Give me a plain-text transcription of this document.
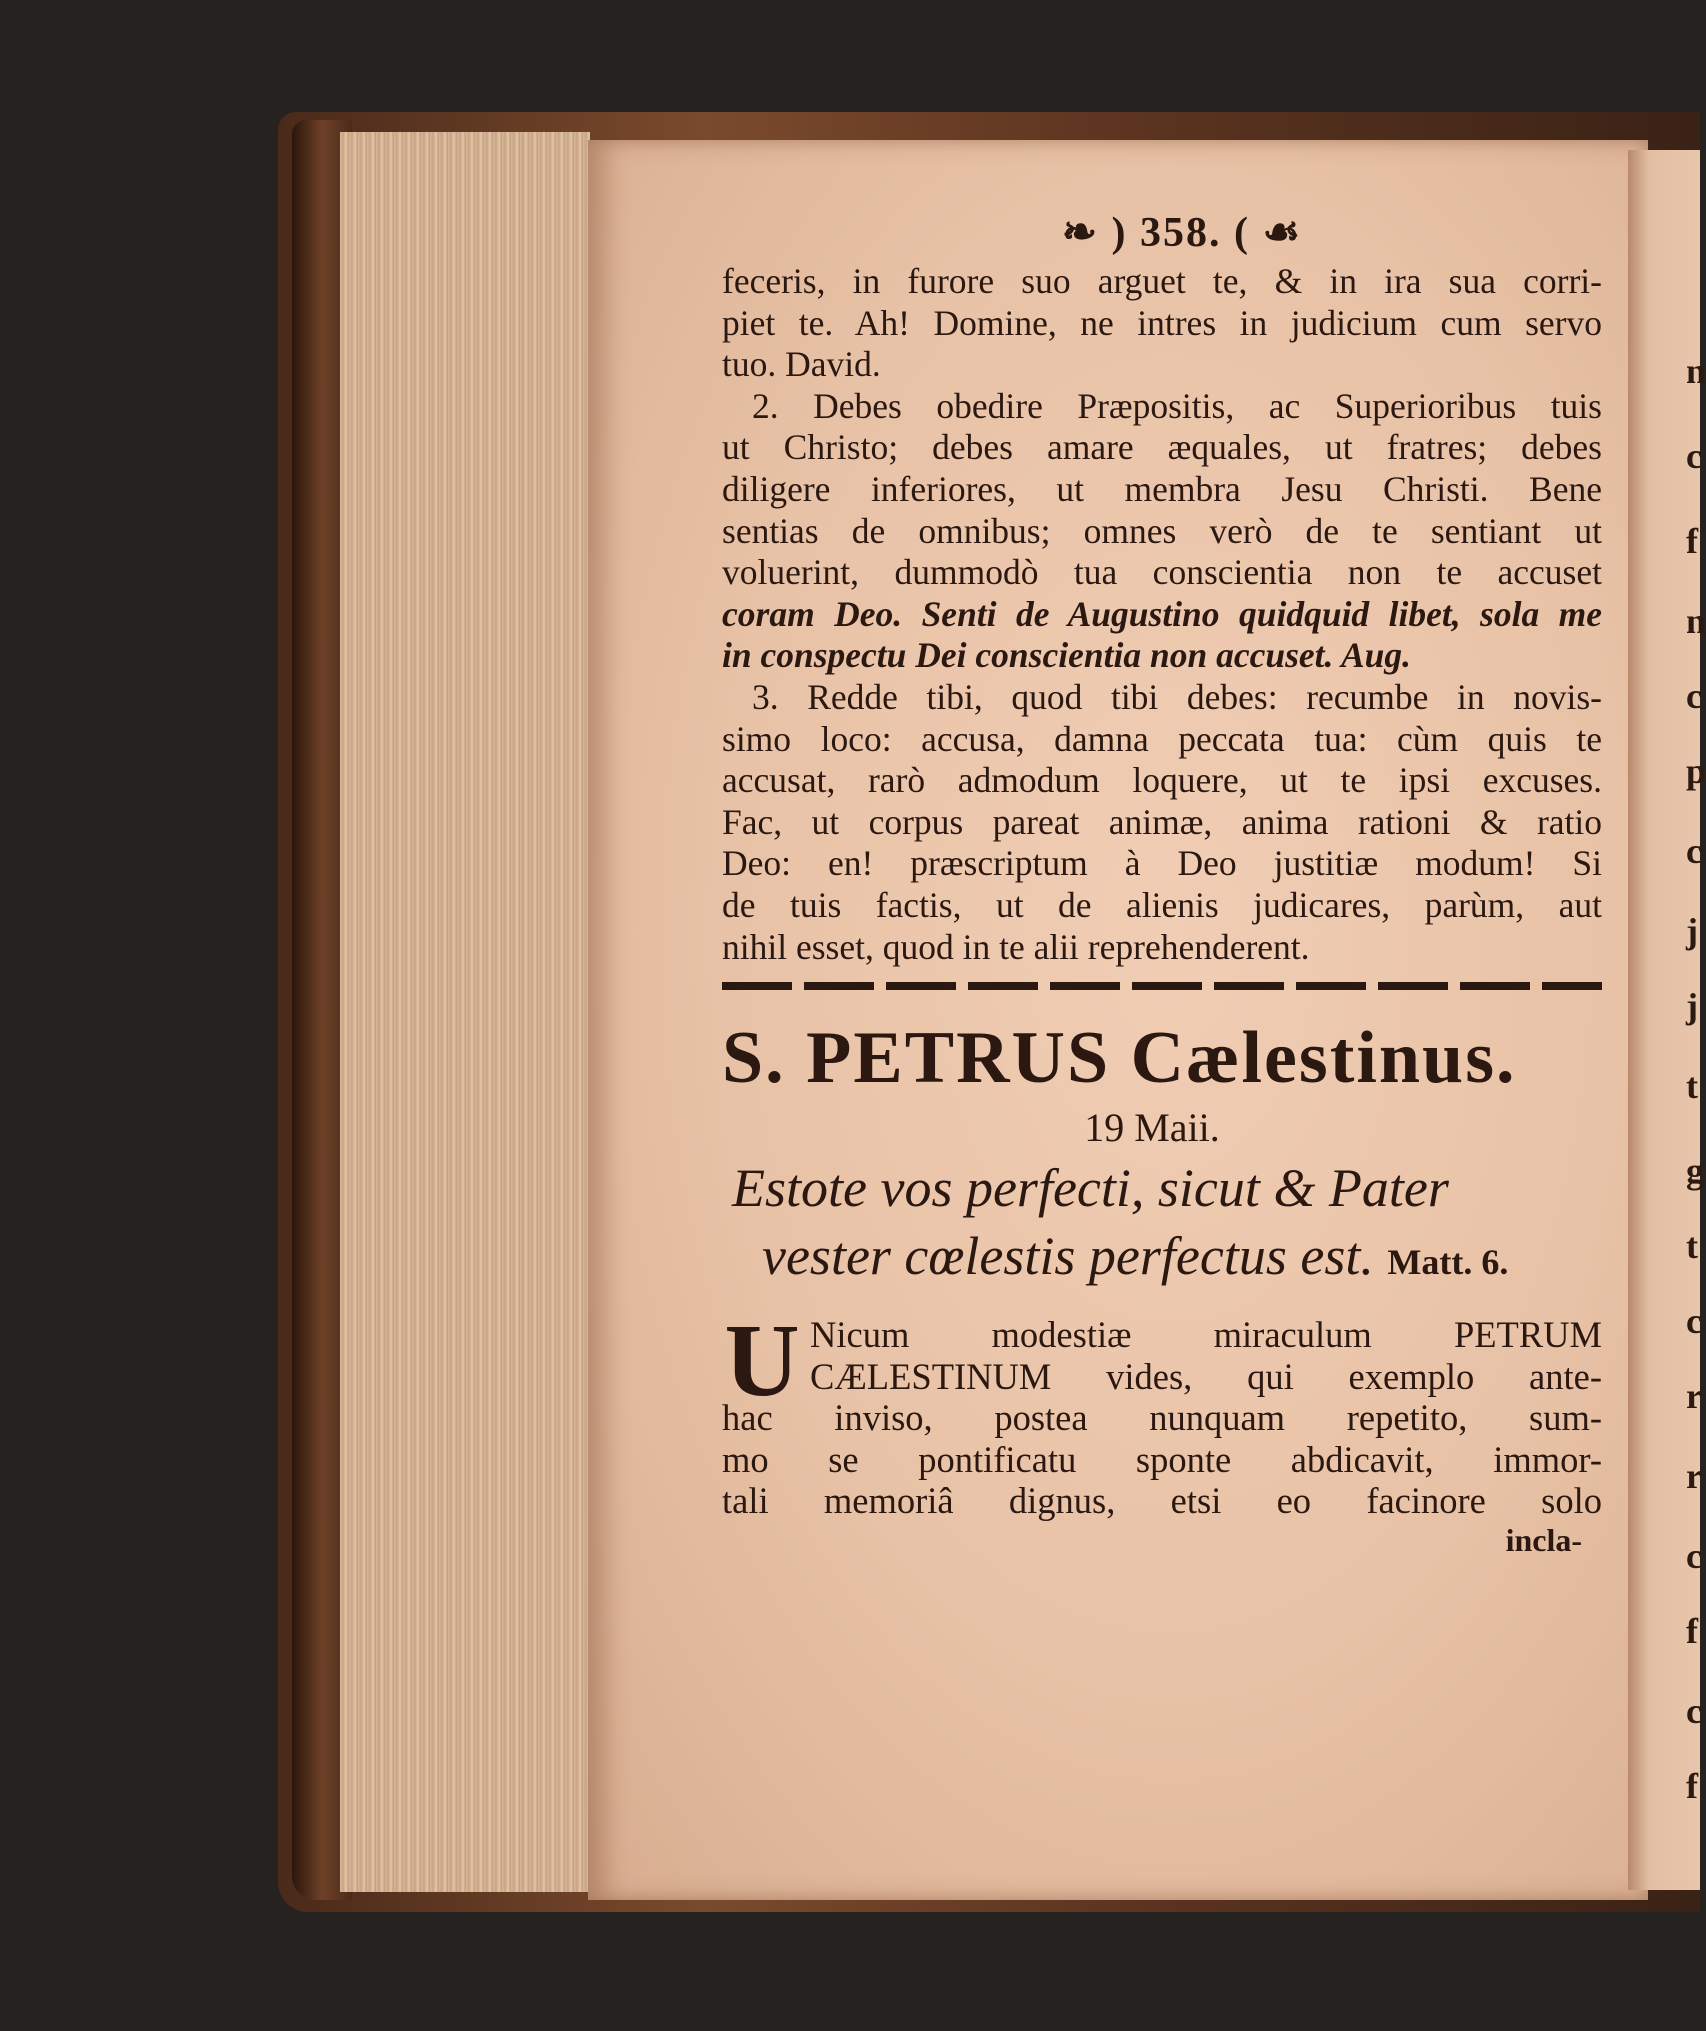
n
c
f
n
c
p
c
j
j
t
g
t
c
r
r
c
f
c
f
❧ ) 358. ( ☙
feceris, in furore suo arguet te, & in ira sua corri-
piet te. Ah! Domine, ne intres in judicium cum servo
tuo. David.
2. Debes obedire Præpositis, ac Superioribus tuis
ut Christo; debes amare æquales, ut fratres; debes
diligere inferiores, ut membra Jesu Christi. Bene
sentias de omnibus; omnes verò de te sentiant ut
voluerint, dummodò tua conscientia non te accuset
coram Deo. Senti de Augustino quidquid libet, sola me
in conspectu Dei conscientia non accuset. Aug.
3. Redde tibi, quod tibi debes: recumbe in novis-
simo loco: accusa, damna peccata tua: cùm quis te
accusat, rarò admodum loquere, ut te ipsi excuses.
Fac, ut corpus pareat animæ, anima rationi & ratio
Deo: en! præscriptum à Deo justitiæ modum! Si
de tuis factis, ut de alienis judicares, parùm, aut
nihil esset, quod in te alii reprehenderent.
S. PETRUS Cælestinus.
19 Maii.
Estote vos perfecti, sicut & Pater
vester cœlestis perfectus est. Matt. 6.
U Nicum modestiæ miraculum PETRUM
CÆLESTINUM vides, qui exemplo ante-
hac inviso, postea nunquam repetito, sum-
mo se pontificatu sponte abdicavit, immor-
tali memoriâ dignus, etsi eo facinore solo
incla-
